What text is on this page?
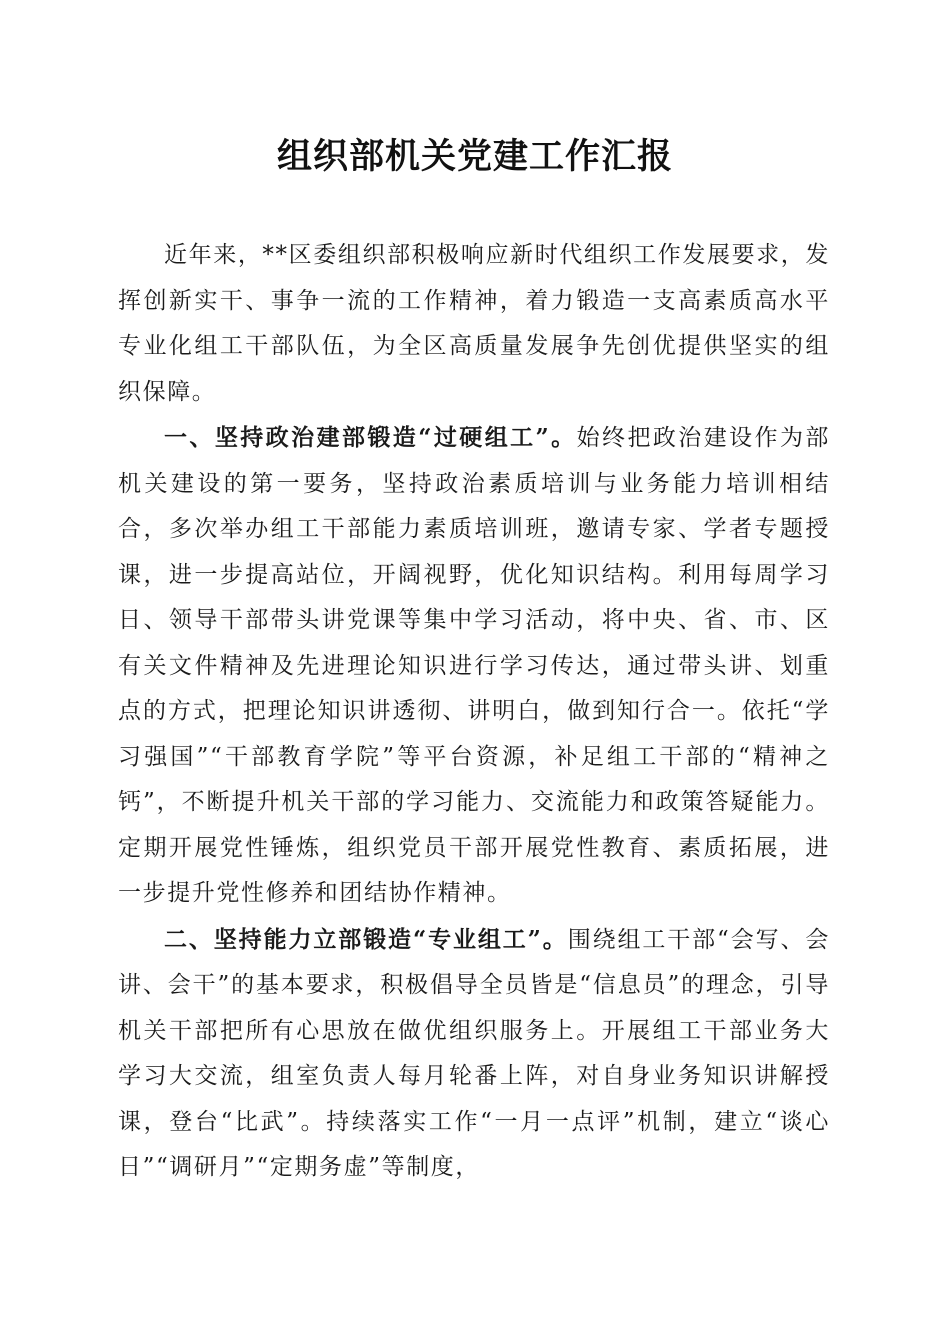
组织部机关党建工作汇报

近年来，**区委组织部积极响应新时代组织工作发展要求，发挥创新实干、事争一流的工作精神，着力锻造一支高素质高水平专业化组工干部队伍，为全区高质量发展争先创优提供坚实的组织保障。

一、坚持政治建部锻造“过硬组工”。始终把政治建设作为部机关建设的第一要务，坚持政治素质培训与业务能力培训相结合，多次举办组工干部能力素质培训班，邀请专家、学者专题授课，进一步提高站位，开阔视野，优化知识结构。利用每周学习日、领导干部带头讲党课等集中学习活动，将中央、省、市、区有关文件精神及先进理论知识进行学习传达，通过带头讲、划重点的方式，把理论知识讲透彻、讲明白，做到知行合一。依托“学习强国”“干部教育学院”等平台资源，补足组工干部的“精神之钙”，不断提升机关干部的学习能力、交流能力和政策答疑能力。定期开展党性锤炼，组织党员干部开展党性教育、素质拓展，进一步提升党性修养和团结协作精神。

二、坚持能力立部锻造“专业组工”。围绕组工干部“会写、会讲、会干”的基本要求，积极倡导全员皆是“信息员”的理念，引导机关干部把所有心思放在做优组织服务上。开展组工干部业务大学习大交流，组室负责人每月轮番上阵，对自身业务知识讲解授课，登台“比武”。持续落实工作“一月一点评”机制，建立“谈心日”“调研月”“定期务虚”等制度，
